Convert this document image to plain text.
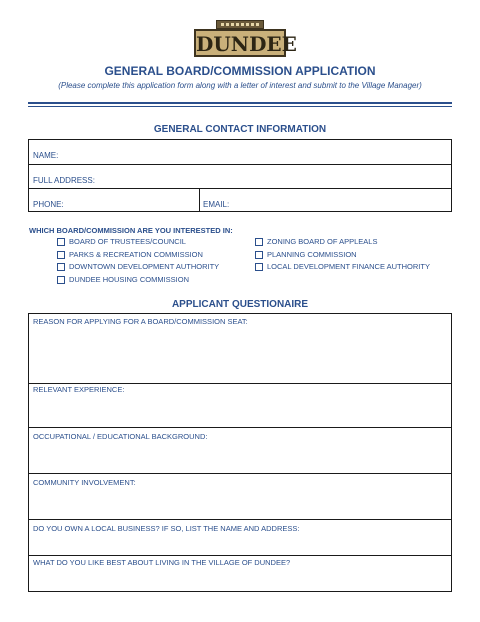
DUNDEE
GENERAL BOARD/COMMISSION APPLICATION
(Please complete this application form along with a letter of interest and submit to the Village Manager)
GENERAL CONTACT INFORMATION
NAME:
FULL ADDRESS:
PHONE:	EMAIL:
WHICH BOARD/COMMISSION ARE YOU INTERESTED IN:
BOARD OF TRUSTEES/COUNCIL
PARKS & RECREATION COMMISSION
DOWNTOWN DEVELOPMENT AUTHORITY
DUNDEE HOUSING COMMISSION
ZONING BOARD OF APPLEALS
PLANNING COMMISSION
LOCAL DEVELOPMENT FINANCE AUTHORITY
APPLICANT QUESTIONAIRE
REASON FOR APPLYING FOR A BOARD/COMMISSION SEAT:
RELEVANT EXPERIENCE:
OCCUPATIONAL / EDUCATIONAL BACKGROUND:
COMMUNITY INVOLVEMENT:
DO YOU OWN A LOCAL BUSINESS? IF SO, LIST THE NAME AND ADDRESS:
WHAT DO YOU LIKE BEST ABOUT LIVING IN THE VILLAGE OF DUNDEE?
